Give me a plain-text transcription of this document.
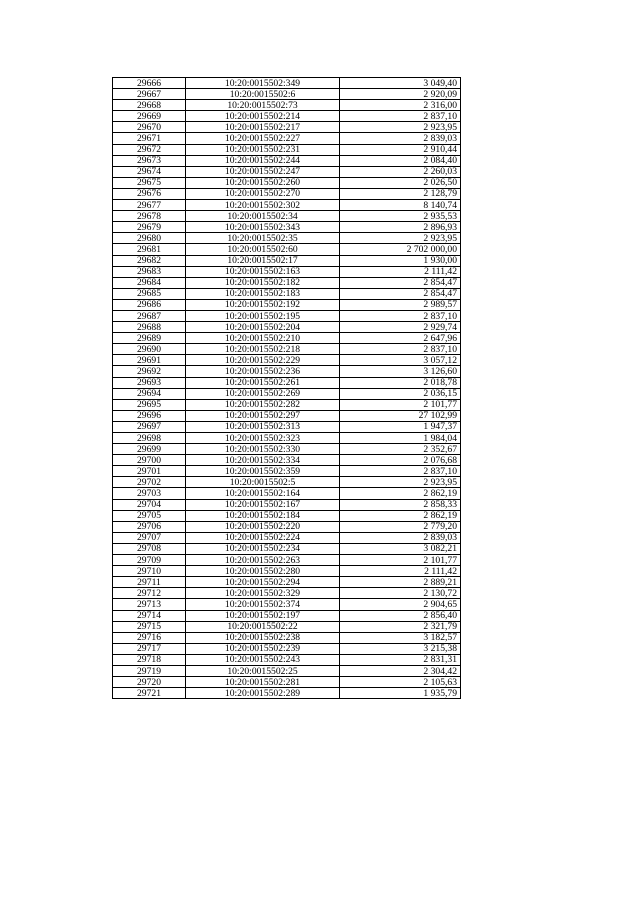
29666	10:20:0015502:349	3 049,40
29667	10:20:0015502:6	2 920,09
29668	10:20:0015502:73	2 316,00
29669	10:20:0015502:214	2 837,10
29670	10:20:0015502:217	2 923,95
29671	10:20:0015502:227	2 839,03
29672	10:20:0015502:231	2 910,44
29673	10:20:0015502:244	2 084,40
29674	10:20:0015502:247	2 260,03
29675	10:20:0015502:260	2 026,50
29676	10:20:0015502:270	2 128,79
29677	10:20:0015502:302	8 140,74
29678	10:20:0015502:34	2 935,53
29679	10:20:0015502:343	2 896,93
29680	10:20:0015502:35	2 923,95
29681	10:20:0015502:60	2 702 000,00
29682	10:20:0015502:17	1 930,00
29683	10:20:0015502:163	2 111,42
29684	10:20:0015502:182	2 854,47
29685	10:20:0015502:183	2 854,47
29686	10:20:0015502:192	2 989,57
29687	10:20:0015502:195	2 837,10
29688	10:20:0015502:204	2 929,74
29689	10:20:0015502:210	2 647,96
29690	10:20:0015502:218	2 837,10
29691	10:20:0015502:229	3 057,12
29692	10:20:0015502:236	3 126,60
29693	10:20:0015502:261	2 018,78
29694	10:20:0015502:269	2 036,15
29695	10:20:0015502:282	2 101,77
29696	10:20:0015502:297	27 102,99
29697	10:20:0015502:313	1 947,37
29698	10:20:0015502:323	1 984,04
29699	10:20:0015502:330	2 352,67
29700	10:20:0015502:334	2 076,68
29701	10:20:0015502:359	2 837,10
29702	10:20:0015502:5	2 923,95
29703	10:20:0015502:164	2 862,19
29704	10:20:0015502:167	2 858,33
29705	10:20:0015502:184	2 862,19
29706	10:20:0015502:220	2 779,20
29707	10:20:0015502:224	2 839,03
29708	10:20:0015502:234	3 082,21
29709	10:20:0015502:263	2 101,77
29710	10:20:0015502:280	2 111,42
29711	10:20:0015502:294	2 889,21
29712	10:20:0015502:329	2 130,72
29713	10:20:0015502:374	2 904,65
29714	10:20:0015502:197	2 856,40
29715	10:20:0015502:22	2 321,79
29716	10:20:0015502:238	3 182,57
29717	10:20:0015502:239	3 215,38
29718	10:20:0015502:243	2 831,31
29719	10:20:0015502:25	2 304,42
29720	10:20:0015502:281	2 105,63
29721	10:20:0015502:289	1 935,79
